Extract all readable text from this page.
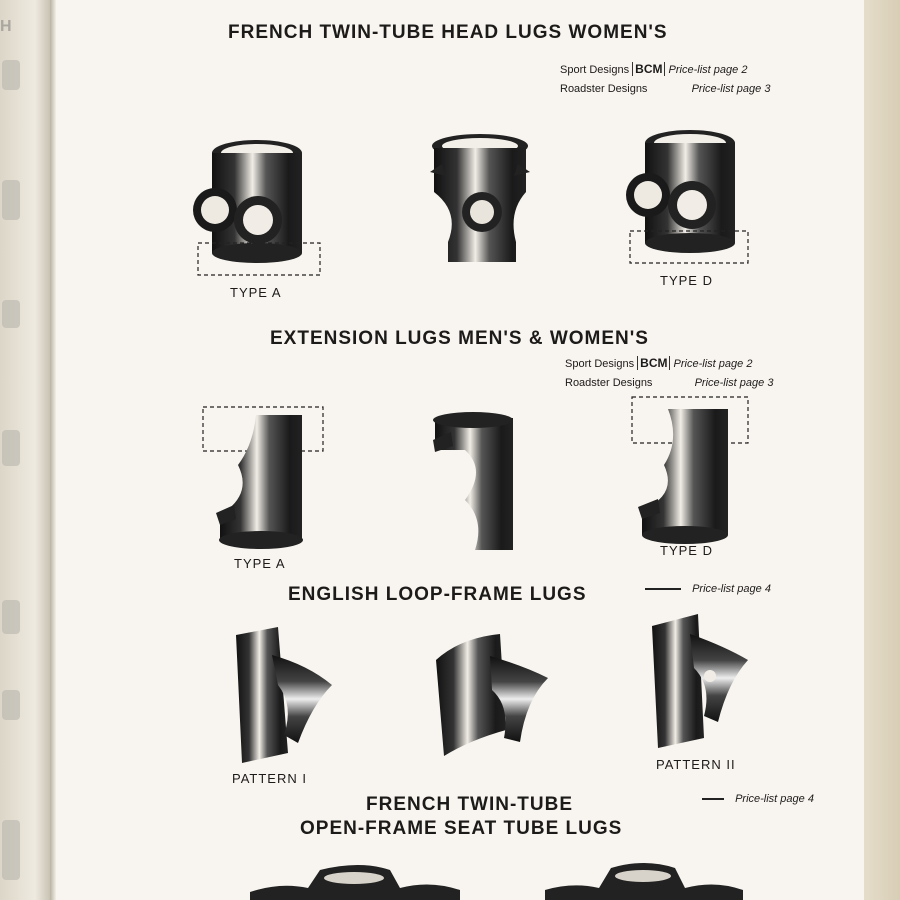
H	FRENCH TWIN-TUBE HEAD LUGS WOMEN'S
Sport Designs BCM Price-list page 2
Roadster Designs	Price-list page 3
TYPE A
TYPE D
EXTENSION LUGS MEN'S & WOMEN'S
Sport Designs BCM Price-list page 2
Roadster Designs	Price-list page 3
TYPE A
TYPE D
ENGLISH LOOP-FRAME LUGS	Price-list page 4
PATTERN I
PATTERN II
FRENCH TWIN-TUBE
OPEN-FRAME SEAT TUBE LUGS
Price-list page 4
